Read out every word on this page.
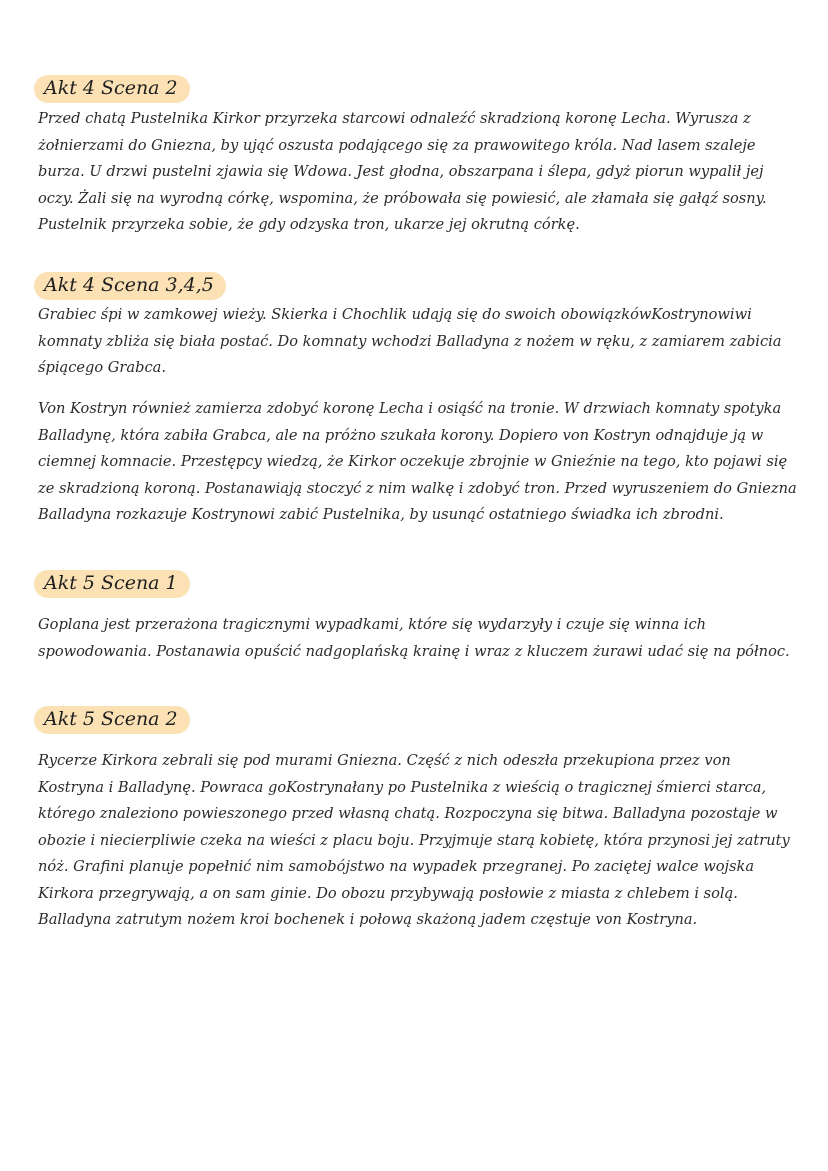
Akt 4 Scena 2

Przed chatą Pustelnika Kirkor przyrzeka starcowi odnaleźć skradzioną koronę Lecha. Wyrusza z żołnierzami do Gniezna, by ująć oszusta podającego się za prawowitego króla. Nad lasem szaleje burza. U drzwi pustelni zjawia się Wdowa. Jest głodna, obszarpana i ślepa, gdyż piorun wypalił jej oczy. Żali się na wyrodną córkę, wspomina, że próbowała się powiesić, ale złamała się gałąź sosny. Pustelnik przyrzeka sobie, że gdy odzyska tron, ukarze jej okrutną córkę.

Akt 4 Scena 3,4,5

Grabiec śpi w zamkowej wieży. Skierka i Chochlik udają się do swoich obowiązkówKostrynowiwi komnaty zbliża się biała postać. Do komnaty wchodzi Balladyna z nożem w ręku, z zamiarem zabicia śpiącego Grabca.

Von Kostryn również zamierza zdobyć koronę Lecha i osiąść na tronie. W drzwiach komnaty spotyka Balladynę, która zabiła Grabca, ale na próżno szukała korony. Dopiero von Kostryn odnajduje ją w ciemnej komnacie. Przestępcy wiedzą, że Kirkor oczekuje zbrojnie w Gnieźnie na tego, kto pojawi się ze skradzioną koroną. Postanawiają stoczyć z nim walkę i zdobyć tron. Przed wyruszeniem do Gniezna Balladyna rozkazuje Kostrynowi zabić Pustelnika, by usunąć ostatniego świadka ich zbrodni.

Akt 5 Scena 1

Goplana jest przerażona tragicznymi wypadkami, które się wydarzyły i czuje się winna ich spowodowania. Postanawia opuścić nadgoplańską krainę i wraz z kluczem żurawi udać się na północ.

Akt 5 Scena 2

Rycerze Kirkora zebrali się pod murami Gniezna. Część z nich odeszła przekupiona przez von Kostryna i Balladynę. Powraca goKostrynałany po Pustelnika z wieścią o tragicznej śmierci starca, którego znaleziono powieszonego przed własną chatą. Rozpoczyna się bitwa. Balladyna pozostaje w obozie i niecierpliwie czeka na wieści z placu boju. Przyjmuje starą kobietę, która przynosi jej zatruty nóż. Grafini planuje popełnić nim samobójstwo na wypadek przegranej. Po zaciętej walce wojska Kirkora przegrywają, a on sam ginie. Do obozu przybywają posłowie z miasta z chlebem i solą. Balladyna zatrutym nożem kroi bochenek i połową skażoną jadem częstuje von Kostryna.
